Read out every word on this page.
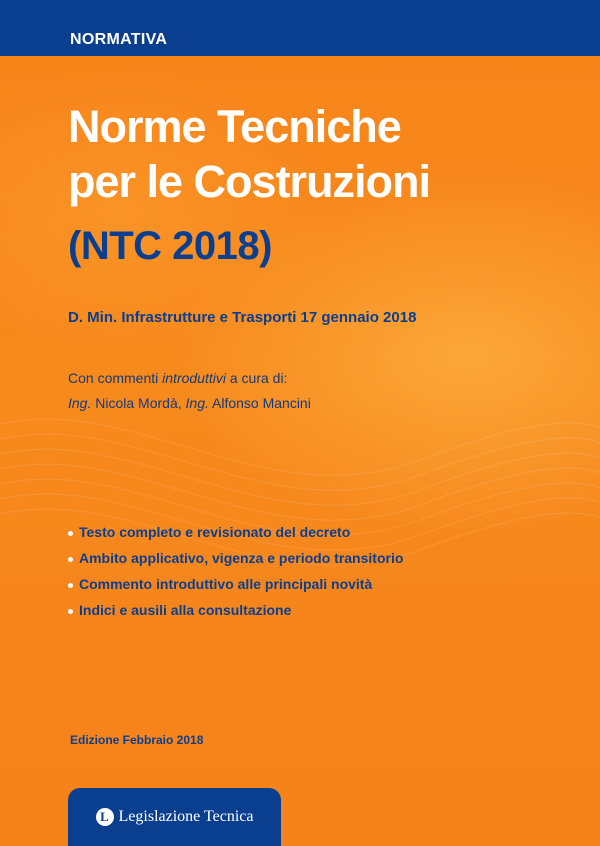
NORMATIVA
Norme Tecniche
per le Costruzioni
(NTC 2018)
D. Min. Infrastrutture e Trasporti 17 gennaio 2018
Con commenti introduttivi a cura di:
Ing. Nicola Mordà, Ing. Alfonso Mancini
Testo completo e revisionato del decreto
Ambito applicativo, vigenza e periodo transitorio
Commento introduttivo alle principali novità
Indici e ausili alla consultazione
Edizione Febbraio 2018
L Legislazione Tecnica
